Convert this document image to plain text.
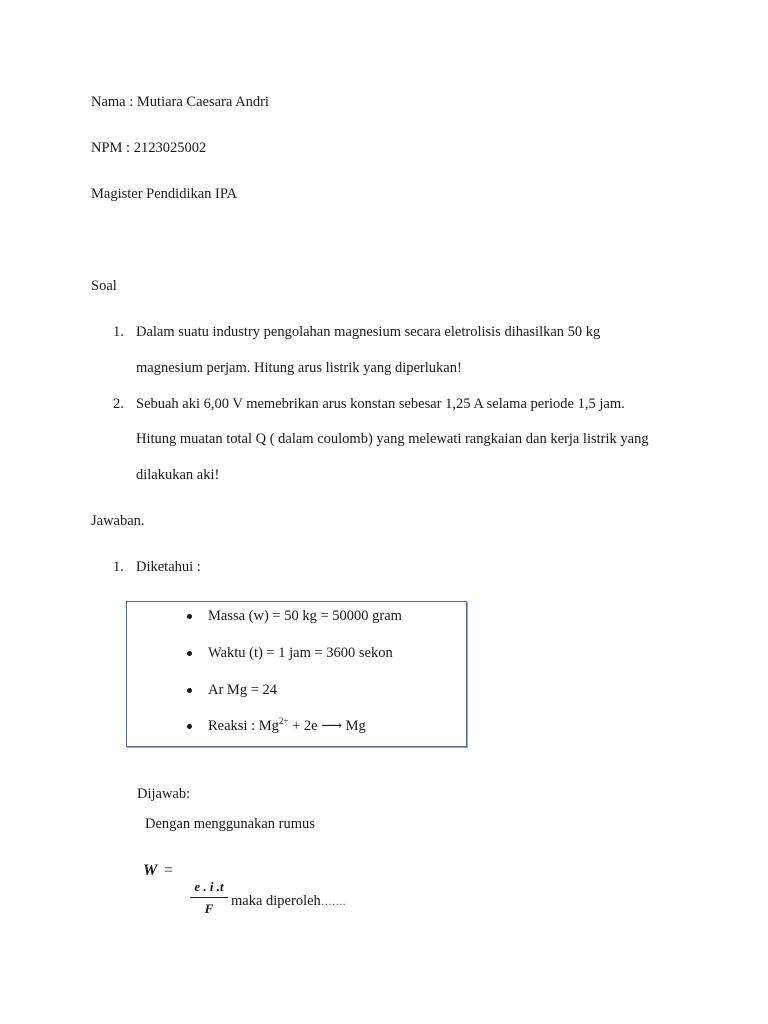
Nama : Mutiara Caesara Andri
NPM : 2123025002
Magister Pendidikan IPA
Soal
1. Dalam suatu industry pengolahan magnesium secara eletrolisis dihasilkan 50 kg
magnesium perjam. Hitung arus listrik yang diperlukan!
2. Sebuah aki 6,00 V memebrikan arus konstan sebesar 1,25 A selama periode 1,5 jam.
Hitung muatan total Q ( dalam coulomb) yang melewati rangkaian dan kerja listrik yang
dilakukan aki!
Jawaban.
1. Diketahui :
Massa (w) = 50 kg = 50000 gram
Waktu (t) = 1 jam = 3600 sekon
Ar Mg = 24
Reaksi : $Mg^{2+} + 2e$ ⟶ Mg
Dijawab:
Dengan menggunakan rumus
W =
e . i .t
F	maka diperoleh…….
